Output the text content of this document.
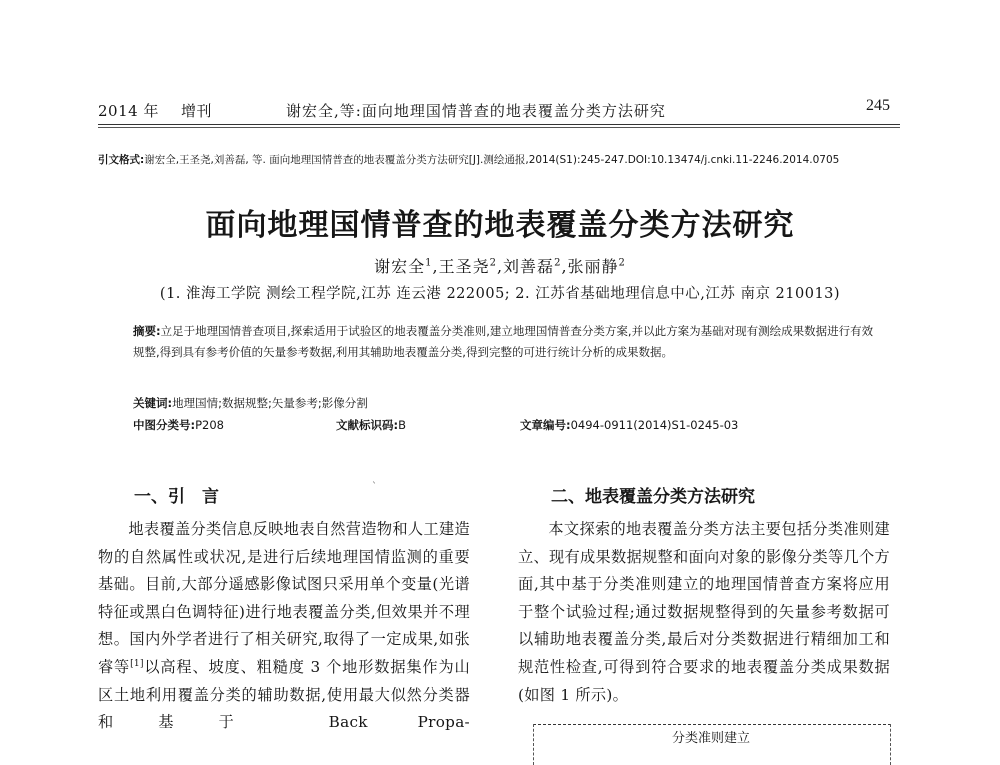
2014 年 增刊	谢宏全,等:面向地理国情普查的地表覆盖分类方法研究	245
引文格式:谢宏全,王圣尧,刘善磊, 等. 面向地理国情普查的地表覆盖分类方法研究[J].测绘通报,2014(S1):245-247.DOI:10.13474/j.cnki.11-2246.2014.0705
面向地理国情普查的地表覆盖分类方法研究
谢宏全$^1$,王圣尧$^2$,刘善磊$^2$,张丽静$^2$
(1. 淮海工学院 测绘工程学院,江苏 连云港 222005; 2. 江苏省基础地理信息中心,江苏 南京 210013)
摘要:立足于地理国情普查项目,探索适用于试验区的地表覆盖分类准则,建立地理国情普查分类方案,并以此方案为基础对现有测绘成果数据进行有效规整,得到具有参考价值的矢量参考数据,利用其辅助地表覆盖分类,得到完整的可进行统计分析的成果数据。
关键词:地理国情;数据规整;矢量参考;影像分割
中图分类号:P208	文献标识码:B	文章编号:0494-0911(2014)S1-0245-03
一、引　言	`

地表覆盖分类信息反映地表自然营造物和人工建造物的自然属性或状况,是进行后续地理国情监测的重要基础。目前,大部分遥感影像试图只采用单个变量(光谱特征或黑白色调特征)进行地表覆盖分类,但效果并不理想。国内外学者进行了相关研究,取得了一定成果,如张睿等[1]以高程、坡度、粗糙度 3 个地形数据集作为山区土地利用覆盖分类的辅助数据,使用最大似然分类器和基于 Back Propa-

二、地表覆盖分类方法研究

本文探索的地表覆盖分类方法主要包括分类准则建立、现有成果数据规整和面向对象的影像分类等几个方面,其中基于分类准则建立的地理国情普查方案将应用于整个试验过程;通过数据规整得到的矢量参考数据可以辅助地表覆盖分类,最后对分类数据进行精细加工和规范性检查,可得到符合要求的地表覆盖分类成果数据(如图 1 所示)。

分类准则建立
